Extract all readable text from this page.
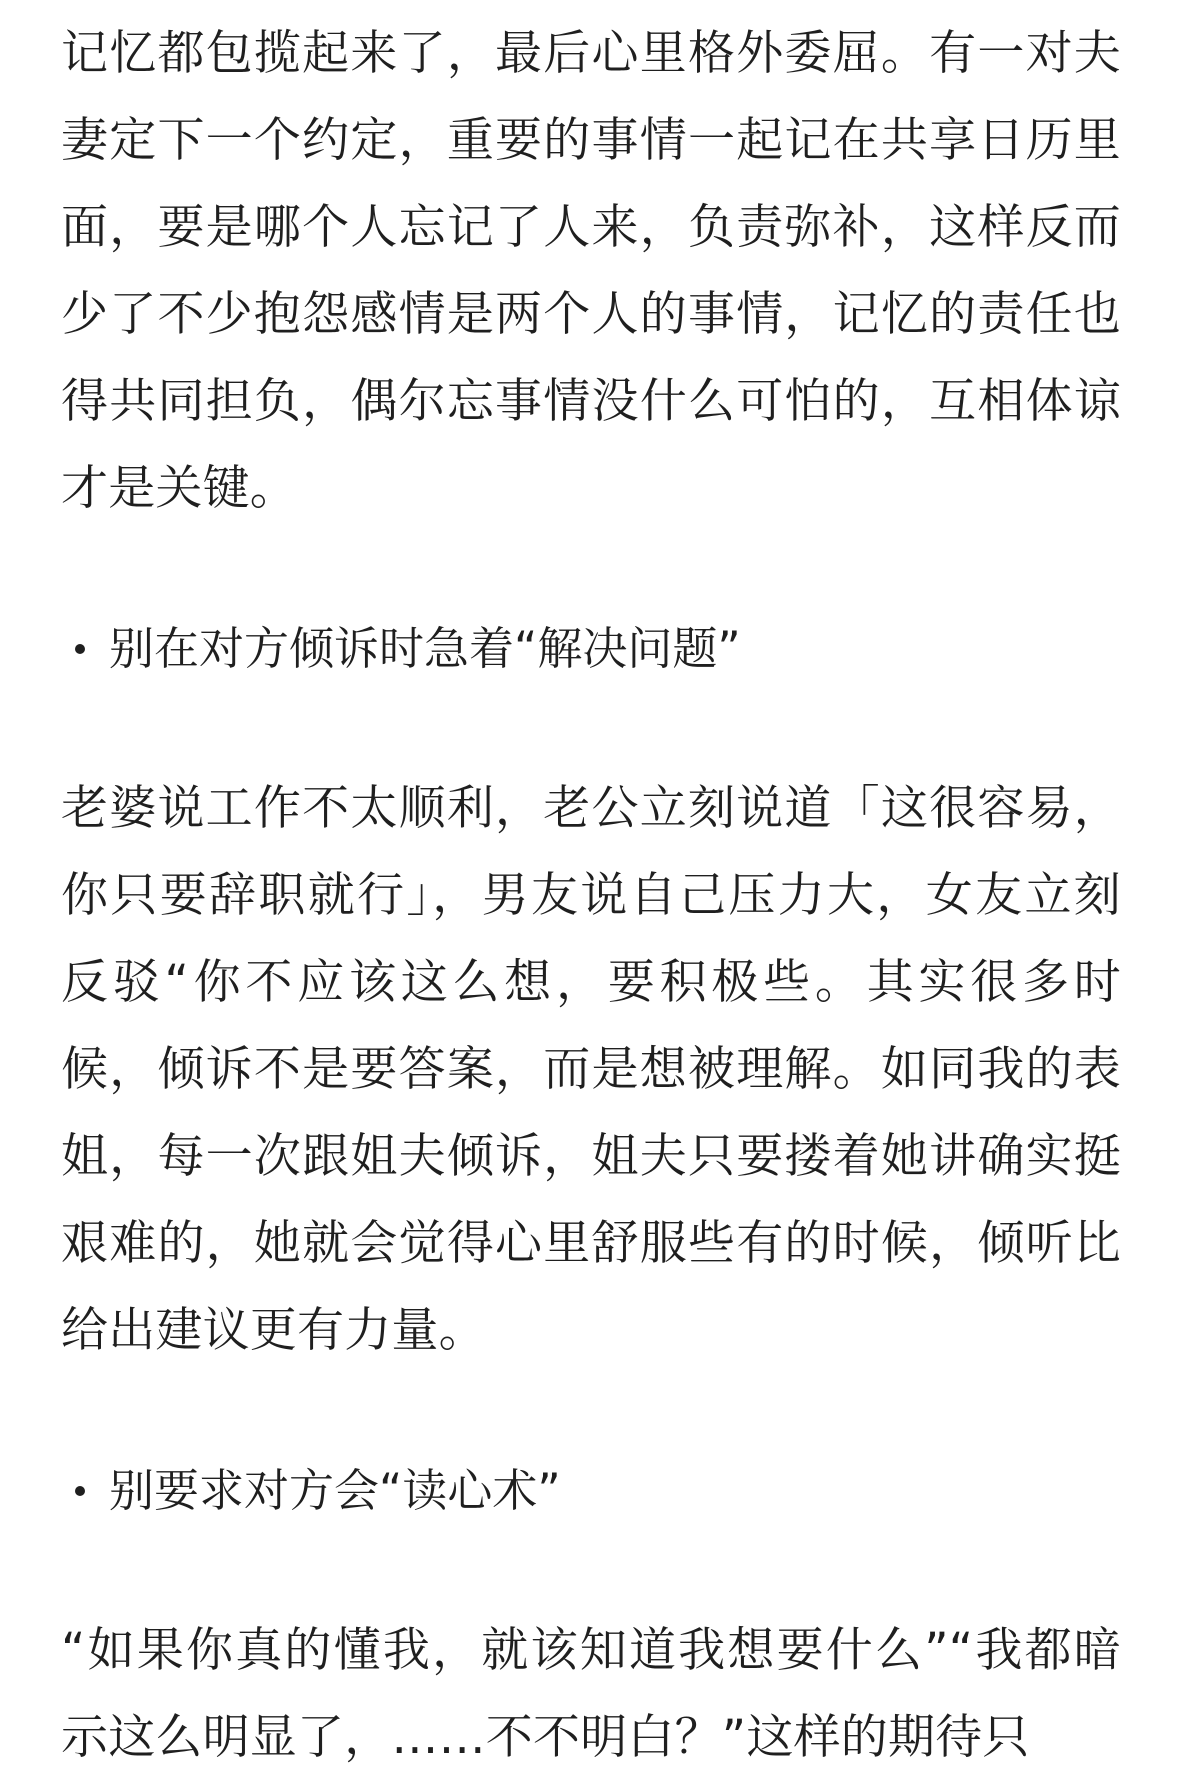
记忆都包揽起来了，最后心里格外委屈。有一对夫妻定下一个约定，重要的事情一起记在共享日历里面，要是哪个人忘记了人来，负责弥补，这样反而少了不少抱怨感情是两个人的事情，记忆的责任也得共同担负，偶尔忘事情没什么可怕的，互相体谅才是关键。

别在对方倾诉时急着“解决问题”

老婆说工作不太顺利，老公立刻说道「这很容易，你只要辞职就行」，男友说自己压力大，女友立刻反驳“你不应该这么想，要积极些。其实很多时候，倾诉不是要答案，而是想被理解。如同我的表姐，每一次跟姐夫倾诉，姐夫只要搂着她讲确实挺艰难的，她就会觉得心里舒服些有的时候，倾听比给出建议更有力量。

别要求对方会“读心术”

“如果你真的懂我，就该知道我想要什么”“我都暗示这么明显了，……不不明白？”这样的期待只
